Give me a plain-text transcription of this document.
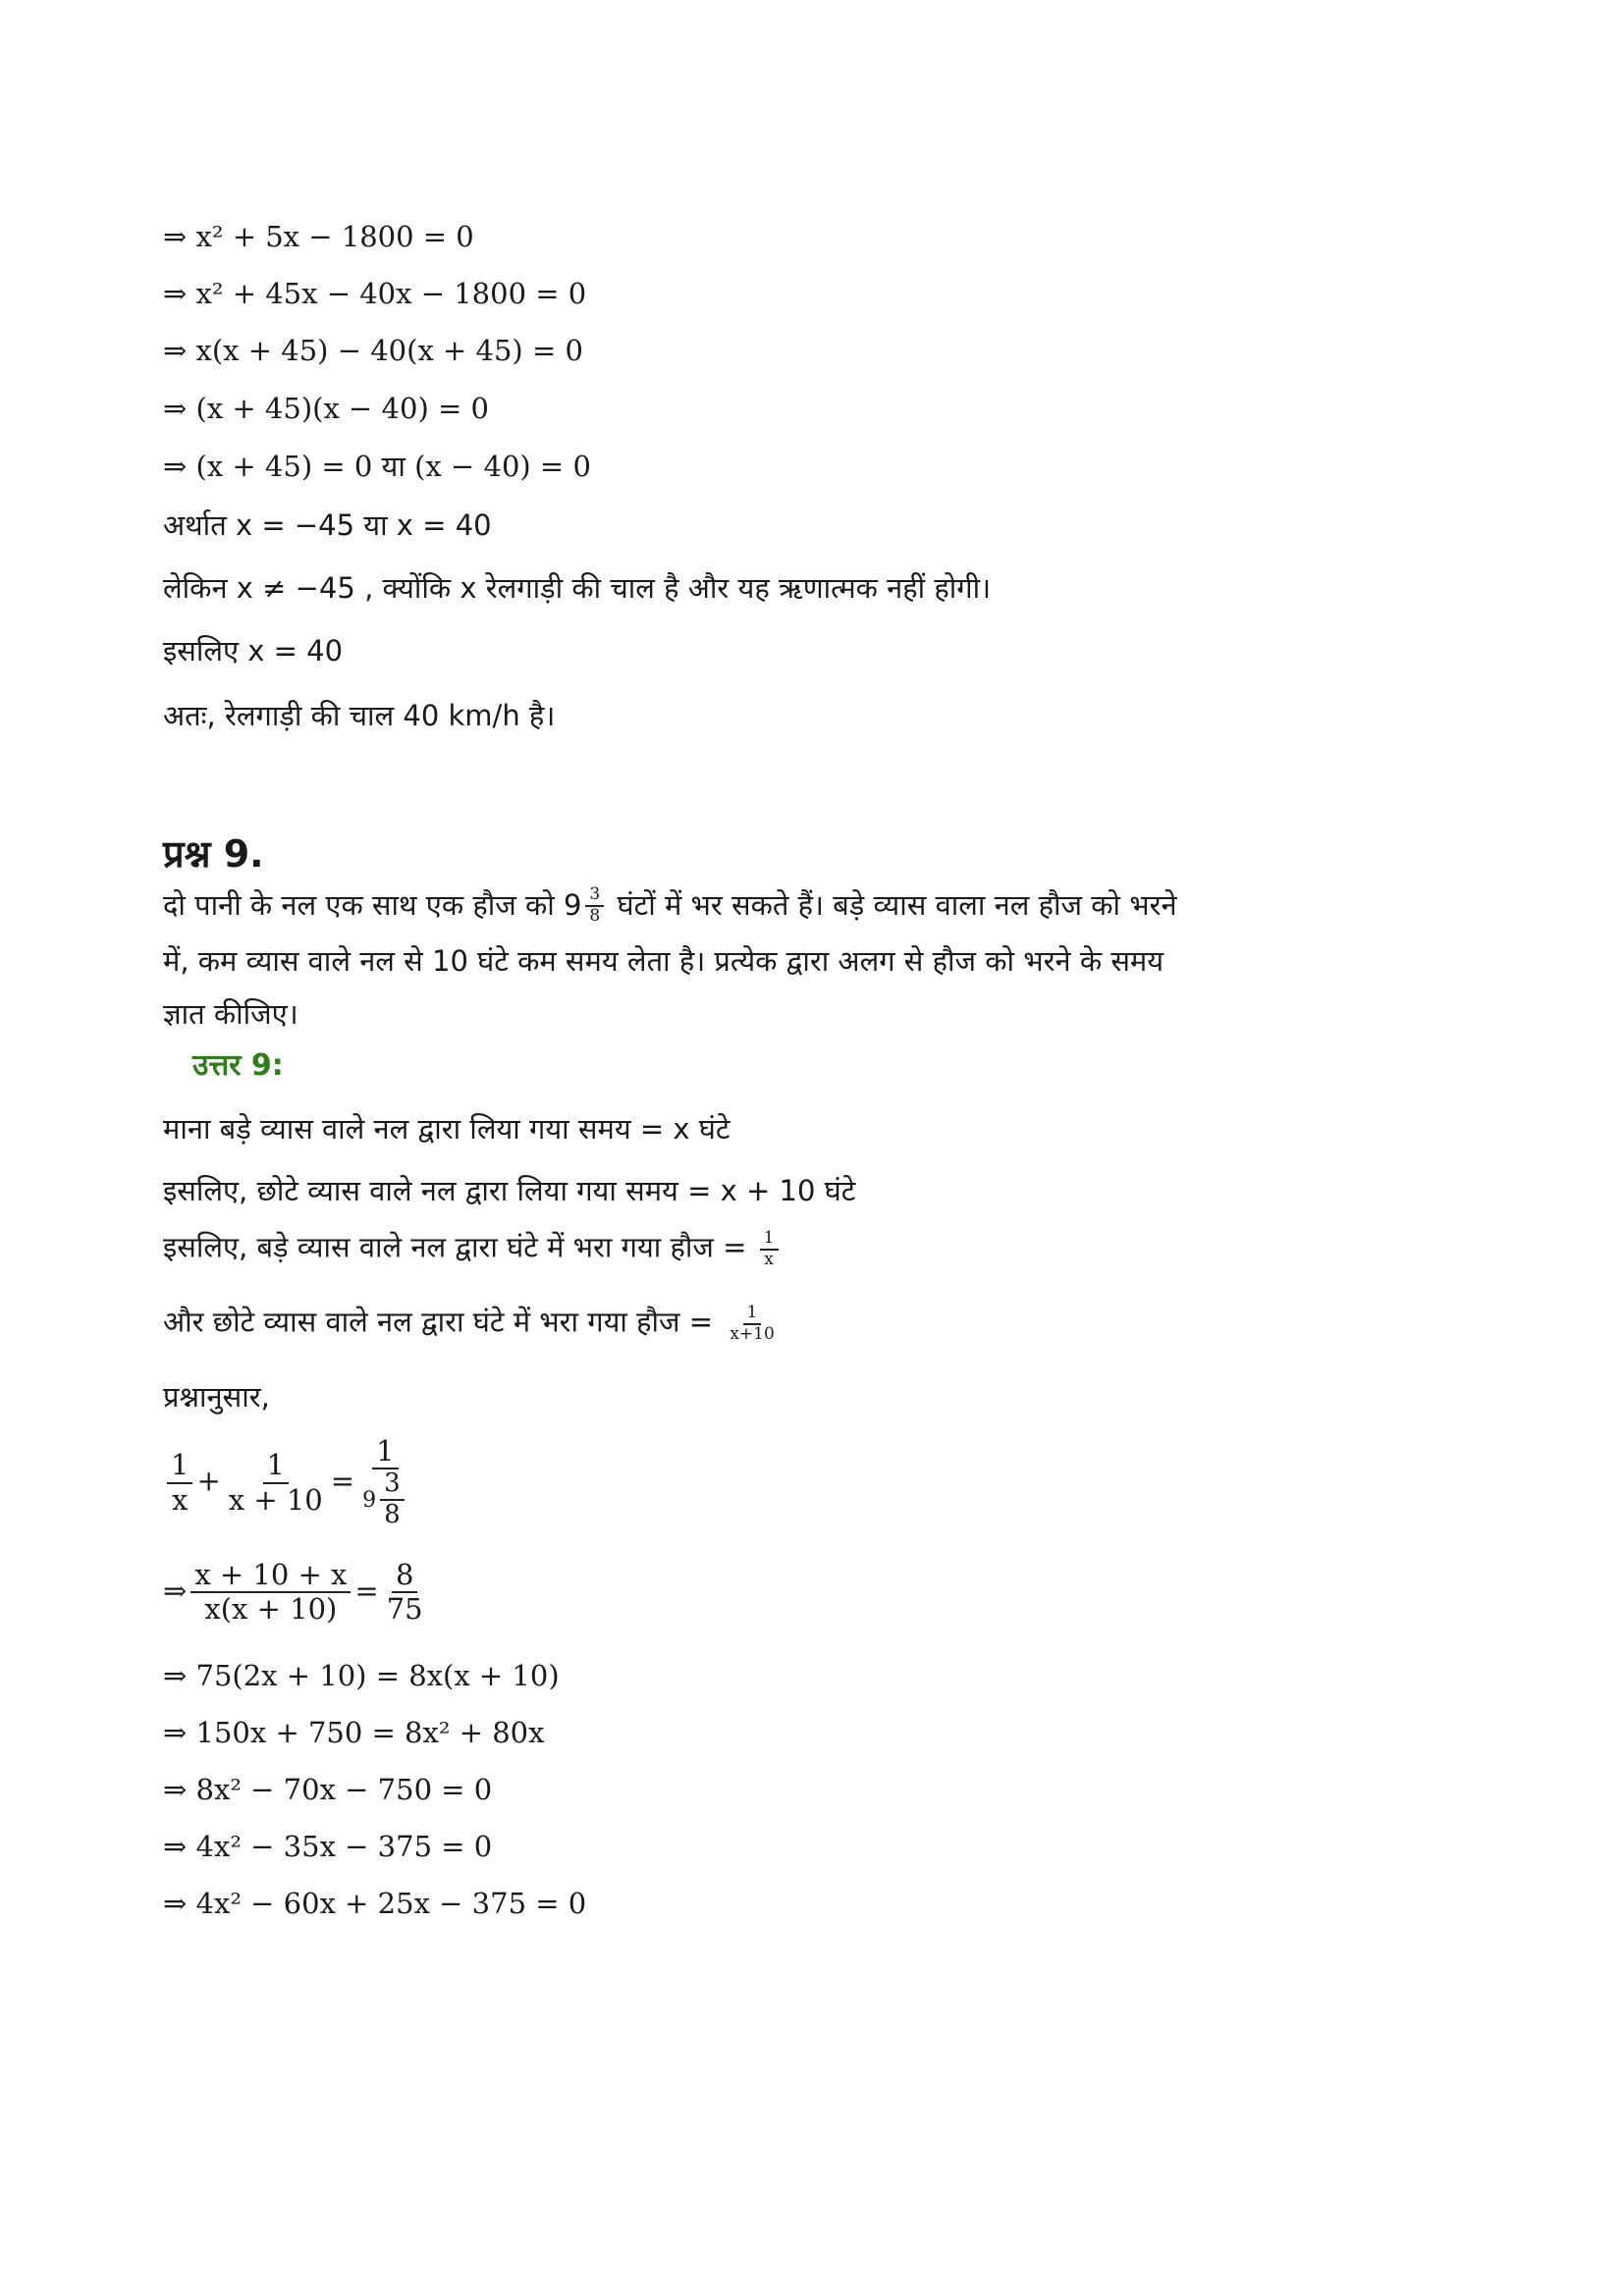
⇒ x² + 5x − 1800 = 0
⇒ x² + 45x − 40x − 1800 = 0
⇒ x(x + 45) − 40(x + 45) = 0
⇒ (x + 45)(x − 40) = 0
⇒ (x + 45) = 0 या (x − 40) = 0
अर्थात x = −45 या x = 40
लेकिन x ≠ −45 , क्योंकि x रेलगाड़ी की चाल है और यह ऋणात्मक नहीं होगी।
इसलिए x = 40
अतः, रेलगाड़ी की चाल 40 km/h है।
प्रश्न 9.
दो पानी के नल एक साथ एक हौज को $9 \frac{3}{8}$ घंटों में भर सकते हैं। बड़े व्यास वाला नल हौज को भरने
में, कम व्यास वाले नल से 10 घंटे कम समय लेता है। प्रत्येक द्वारा अलग से हौज को भरने के समय
ज्ञात कीजिए।
उत्तर 9:
माना बड़े व्यास वाले नल द्वारा लिया गया समय = x घंटे
इसलिए, छोटे व्यास वाले नल द्वारा लिया गया समय = x + 10 घंटे
इसलिए, बड़े व्यास वाले नल द्वारा घंटे में भरा गया हौज = $\frac{1}{x}$
और छोटे व्यास वाले नल द्वारा घंटे में भरा गया हौज = $\frac{1}{x+10}$
प्रश्नानुसार,
$\frac{1}{x} + \frac{1}{x + 10} = \frac{1}{9 \frac{3}{8}}$
⇒ $\frac{x + 10 + x}{x(x + 10)} = \frac{8}{75}$
⇒ 75(2x + 10) = 8x(x + 10)
⇒ 150x + 750 = 8x² + 80x
⇒ 8x² − 70x − 750 = 0
⇒ 4x² − 35x − 375 = 0
⇒ 4x² − 60x + 25x − 375 = 0
